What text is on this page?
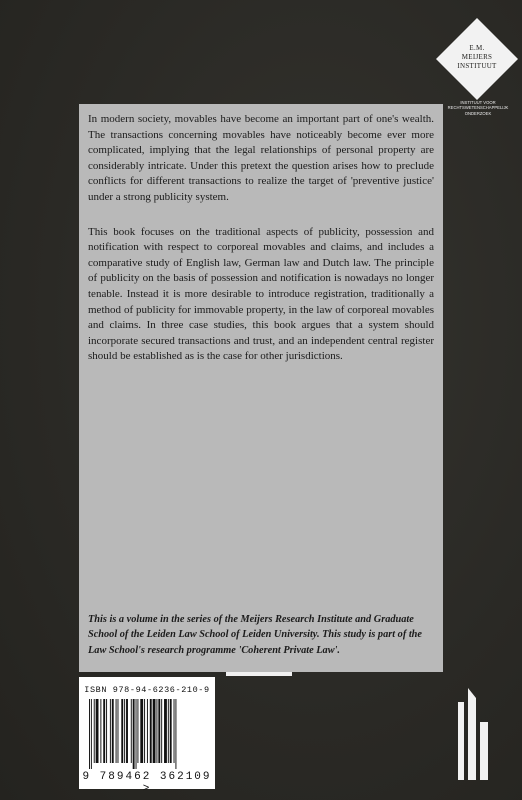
E.M.
MEIJERS
INSTITUUT
INSTITUUT VOOR
RECHTSWETENSCHAPPELIJK
ONDERZOEK

In modern society, movables have become an important part of one's wealth. The transactions concerning movables have noticeably become ever more complicated, implying that the legal relationships of personal property are considerably intricate. Under this pretext the question arises how to preclude conflicts for different transactions to realize the target of 'preventive justice' under a strong publicity system.

This book focuses on the traditional aspects of publicity, possession and notification with respect to corporeal movables and claims, and includes a comparative study of English law, German law and Dutch law. The principle of publicity on the basis of possession and notification is nowadays no longer tenable. Instead it is more desirable to introduce registration, traditionally a method of publicity for immovable property, in the law of corporeal movables and claims. In three case studies, this book argues that a system should incorporate secured transactions and trust, and an independent central register should be established as is the case for other jurisdictions.

This is a volume in the series of the Meijers Research Institute and Graduate School of the Leiden Law School of Leiden University. This study is part of the Law School's research programme 'Coherent Private Law'.

ISBN 978-94-6236-210-9
9 789462 362109 >
